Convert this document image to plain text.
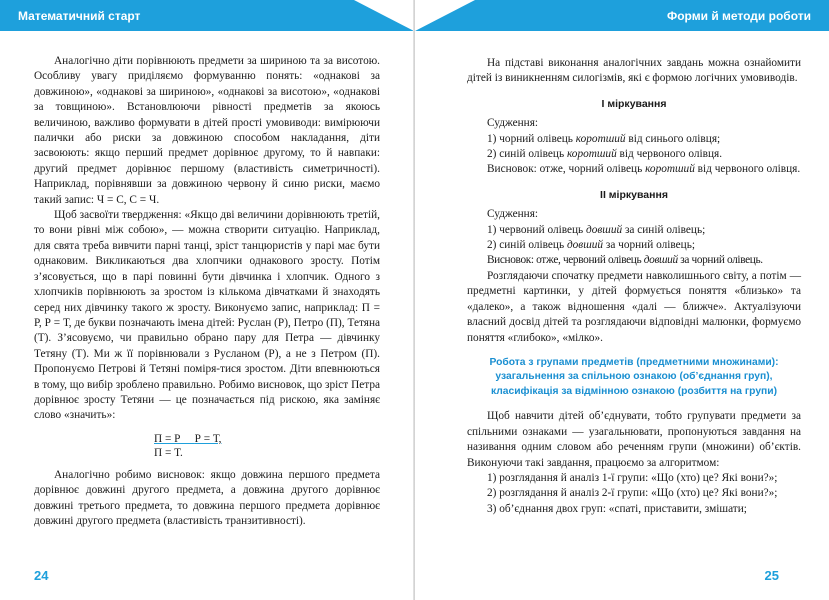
Математичний старт

Аналогічно діти порівнюють предмети за шириною та за висотою. Особливу увагу приділяємо формуванню понять: «однакові за довжиною», «однакові за шириною», «однакові за висотою», «однакові за товщиною». Встановлюючи рівності предметів за якоюсь величиною, важливо формувати в дітей прості умовиводи: вимірюючи палички або риски за довжиною способом накладання, діти засвоюють: якщо перший предмет дорівнює другому, то й навпаки: другий предмет дорівнює першому (властивість симетричності). Наприклад, порівнявши за довжиною червону й синю риски, маємо такий запис: Ч = С, С = Ч.

Щоб засвоїти твердження: «Якщо дві величини дорівнюють третій, то вони рівні між собою», — можна створити ситуацію. Наприклад, для свята треба вивчити парні танці, зріст танцюристів у парі має бути однаковим. Викликаються два хлопчики однакового зросту. Потім з’ясовується, що в парі повинні бути дівчинка і хлопчик. Одного з хлопчиків порівнюють за зростом із кількома дівчатками й знаходять серед них дівчинку такого ж зросту. Виконуємо запис, наприклад: П = Р, Р = Т, де букви позначають імена дітей: Руслан (Р), Петро (П), Тетяна (Т). З’ясовуємо, чи правильно обрано пару для Петра — дівчинку Тетяну (Т). Ми ж її порівнювали з Русланом (Р), а не з Петром (П). Пропонуємо Петрові й Тетяні поміря-тися зростом. Діти впевнюються в тому, що вибір зроблено правильно. Робимо висновок, що зріст Петра дорівнює зросту Тетяни — це позначається під рискою, яка заміняє слово «значить»:

П = Р Р = Т,
П = Т.

Аналогічно робимо висновок: якщо довжина першого предмета дорівнює довжині другого предмета, а довжина другого дорівнює довжині третього предмета, то довжина першого предмета дорівнює довжині другого предмета (властивість транзитивності).

24
Форми й методи роботи

На підставі виконання аналогічних завдань можна ознайомити дітей із виникненням силогізмів, які є формою логічних умовиводів.

І міркування

Судження:

1) чорний олівець коротший від синього олівця;

2) синій олівець коротший від червоного олівця.

Висновок: отже, чорний олівець коротший від червоного олівця.

ІІ міркування

Судження:

1) червоний олівець довший за синій олівець;

2) синій олівець довший за чорний олівець;

Висновок: отже, червоний олівець довший за чорний олівець.

Розглядаючи спочатку предмети навколишнього світу, а потім — предметні картинки, у дітей формується поняття «близько» та «далеко», а також відношення «далі — ближче». Актуалізуючи власний досвід дітей та розглядаючи відповідні малюнки, формуємо поняття «глибоко», «мілко».

Робота з групами предметів (предметними множинами): узагальнення за спільною ознакою (об’єднання груп), класифікація за відмінною ознакою (розбиття на групи)

Щоб навчити дітей об’єднувати, тобто групувати предмети за спільними ознаками — узагальнювати, пропонуються завдання на називання одним словом або реченням групи (множини) об’єктів. Виконуючи такі завдання, працюємо за алгоритмом:

1) розглядання й аналіз 1-ї групи: «Що (хто) це? Які вони?»;

2) розглядання й аналіз 2-ї групи: «Що (хто) це? Які вони?»;

3) об’єднання двох груп: «спаті, приставити, змішати;

25
